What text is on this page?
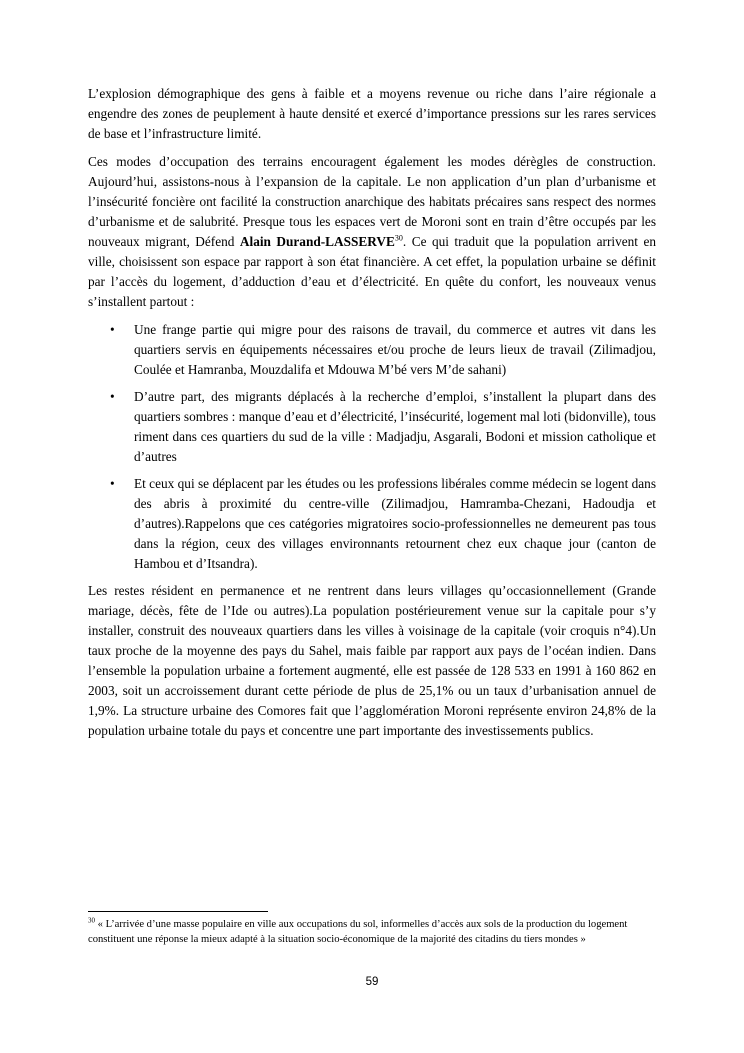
L’explosion démographique des gens à faible et a moyens revenue ou riche dans l’aire régionale a engendre des zones de peuplement à haute densité et exercé d’importance pressions sur les rares services de base et l’infrastructure limité.

Ces modes d’occupation des terrains encouragent également les modes dérègles de construction. Aujourd’hui, assistons-nous à l’expansion de la capitale. Le non application d’un plan d’urbanisme et l’insécurité foncière ont facilité la construction anarchique des habitats précaires sans respect des normes d’urbanisme et de salubrité. Presque tous les espaces vert de Moroni sont en train d’être occupés par les nouveaux migrant, Défend Alain Durand-LASSERVE$^{30}$. Ce qui traduit que la population arrivent en ville, choisissent son espace par rapport à son état financière. A cet effet, la population urbaine se définit par l’accès du logement, d’adduction d’eau et d’électricité. En quête du confort, les nouveaux venus s’installent partout :

• Une frange partie qui migre pour des raisons de travail, du commerce et autres vit dans les quartiers servis en équipements nécessaires et/ou proche de leurs lieux de travail (Zilimadjou, Coulée et Hamranba, Mouzdalifa et Mdouwa M’bé vers M’de sahani)
• D’autre part, des migrants déplacés à la recherche d’emploi, s’installent la plupart dans des quartiers sombres : manque d’eau et d’électricité, l’insécurité, logement mal loti (bidonville), tous riment dans ces quartiers du sud de la ville : Madjadju, Asgarali, Bodoni et mission catholique et d’autres
• Et ceux qui se déplacent par les études ou les professions libérales comme médecin se logent dans des abris à proximité du centre-ville (Zilimadjou, Hamramba-Chezani, Hadoudja et d’autres).Rappelons que ces catégories migratoires socio-professionnelles ne demeurent pas tous dans la région, ceux des villages environnants retournent chez eux chaque jour (canton de Hambou et d’Itsandra).

Les restes résident en permanence et ne rentrent dans leurs villages qu’occasionnellement (Grande mariage, décès, fête de l’Ide ou autres).La population postérieurement venue sur la capitale pour s’y installer, construit des nouveaux quartiers dans les villes à voisinage de la capitale (voir croquis n°4).Un taux proche de la moyenne des pays du Sahel, mais faible par rapport aux pays de l’océan indien. Dans l’ensemble la population urbaine a fortement augmenté, elle est passée de 128 533 en 1991 à 160 862 en 2003, soit un accroissement durant cette période de plus de 25,1% ou un taux d’urbanisation annuel de 1,9%. La structure urbaine des Comores fait que l’agglomération Moroni représente environ 24,8% de la population urbaine totale du pays et concentre une part importante des investissements publics.

$^{30}$ « L’arrivée d’une masse populaire en ville aux occupations du sol, informelles d’accès aux sols de la production du logement constituent une réponse la mieux adapté à la situation socio-économique de la majorité des citadins du tiers mondes »
59
